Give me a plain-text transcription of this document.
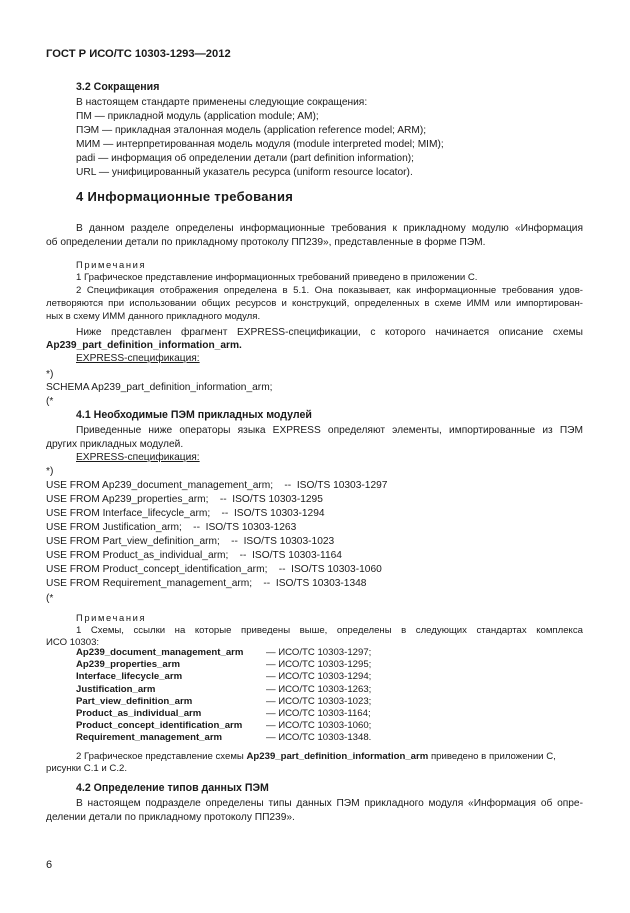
ГОСТ Р ИСО/ТС 10303-1293—2012
3.2 Сокращения
В настоящем стандарте применены следующие сокращения:
ПМ — прикладной модуль (application module; AM);
ПЭМ — прикладная эталонная модель (application reference model; ARM);
МИМ — интерпретированная модель модуля (module interpreted model; MIM);
padi — информация об определении детали (part definition information);
URL — унифицированный указатель ресурса (uniform resource locator).
4 Информационные требования
В данном разделе определены информационные требования к прикладному модулю «Информация
об определении детали по прикладному протоколу ПП239», представленные в форме ПЭМ.
Примечания
1 Графическое представление информационных требований приведено в приложении С.
2 Спецификация отображения определена в 5.1. Она показывает, как информационные требования удов-
летворяются при использовании общих ресурсов и конструкций, определенных в схеме ИММ или импортирован-
ных в схему ИММ данного прикладного модуля.
Ниже представлен фрагмент EXPRESS-спецификации, с которого начинается описание схемы
Ap239_part_definition_information_arm.
EXPRESS-спецификация:
*)
SCHEMA Ap239_part_definition_information_arm;
(*
4.1 Необходимые ПЭМ прикладных модулей
Приведенные ниже операторы языка EXPRESS определяют элементы, импортированные из ПЭМ
других прикладных модулей.
EXPRESS-спецификация:
*)
USE FROM Ap239_document_management_arm;    --  ISO/TS 10303-1297
USE FROM Ap239_properties_arm;    --  ISO/TS 10303-1295
USE FROM Interface_lifecycle_arm;    --  ISO/TS 10303-1294
USE FROM Justification_arm;    --  ISO/TS 10303-1263
USE FROM Part_view_definition_arm;    --  ISO/TS 10303-1023
USE FROM Product_as_individual_arm;    --  ISO/TS 10303-1164
USE FROM Product_concept_identification_arm;    --  ISO/TS 10303-1060
USE FROM Requirement_management_arm;    --  ISO/TS 10303-1348
(*
Примечания
1 Схемы, ссылки на которые приведены выше, определены в следующих стандартах комплекса
ИСО 10303:
Ap239_document_management_arm — ИСО/ТС 10303-1297;
Ap239_properties_arm	— ИСО/ТС 10303-1295;
Interface_lifecycle_arm	— ИСО/ТС 10303-1294;
Justification_arm	— ИСО/ТС 10303-1263;
Part_view_definition_arm	— ИСО/ТС 10303-1023;
Product_as_individual_arm	— ИСО/ТС 10303-1164;
Product_concept_identification_arm — ИСО/ТС 10303-1060;
Requirement_management_arm	— ИСО/ТС 10303-1348.
2 Графическое представление схемы Ap239_part_definition_information_arm приведено в приложении С,
рисунки С.1 и С.2.
4.2 Определение типов данных ПЭМ
В настоящем подразделе определены типы данных ПЭМ прикладного модуля «Информация об опре-
делении детали по прикладному протоколу ПП239».
6
